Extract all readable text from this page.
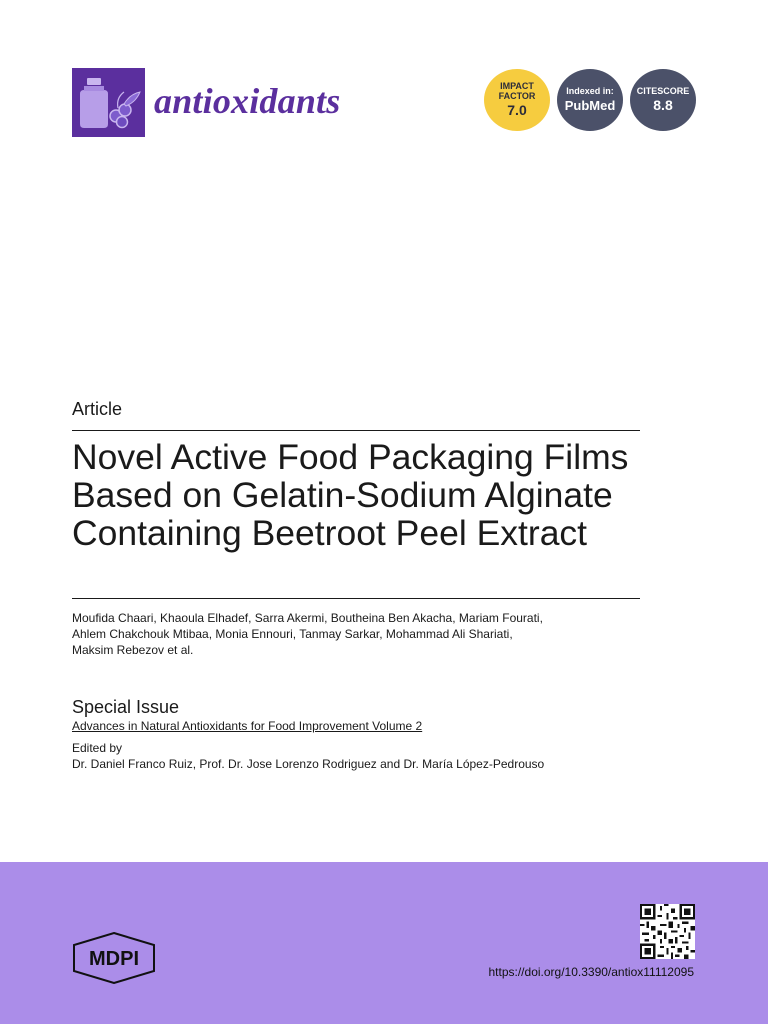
antioxidants	IMPACT
FACTOR
7.0
Indexed in:
PubMed
CITESCORE
8.8
Article
Novel Active Food Packaging Films
Based on Gelatin-Sodium Alginate
Containing Beetroot Peel Extract
Moufida Chaari, Khaoula Elhadef, Sarra Akermi, Boutheina Ben Akacha, Mariam Fourati,
Ahlem Chakchouk Mtibaa, Monia Ennouri, Tanmay Sarkar, Mohammad Ali Shariati,
Maksim Rebezov et al.
Special Issue
Advances in Natural Antioxidants for Food Improvement Volume 2
Edited by
Dr. Daniel Franco Ruiz, Prof. Dr. Jose Lorenzo Rodriguez and Dr. María López-Pedrouso
MDPI
https://doi.org/10.3390/antiox11112095
